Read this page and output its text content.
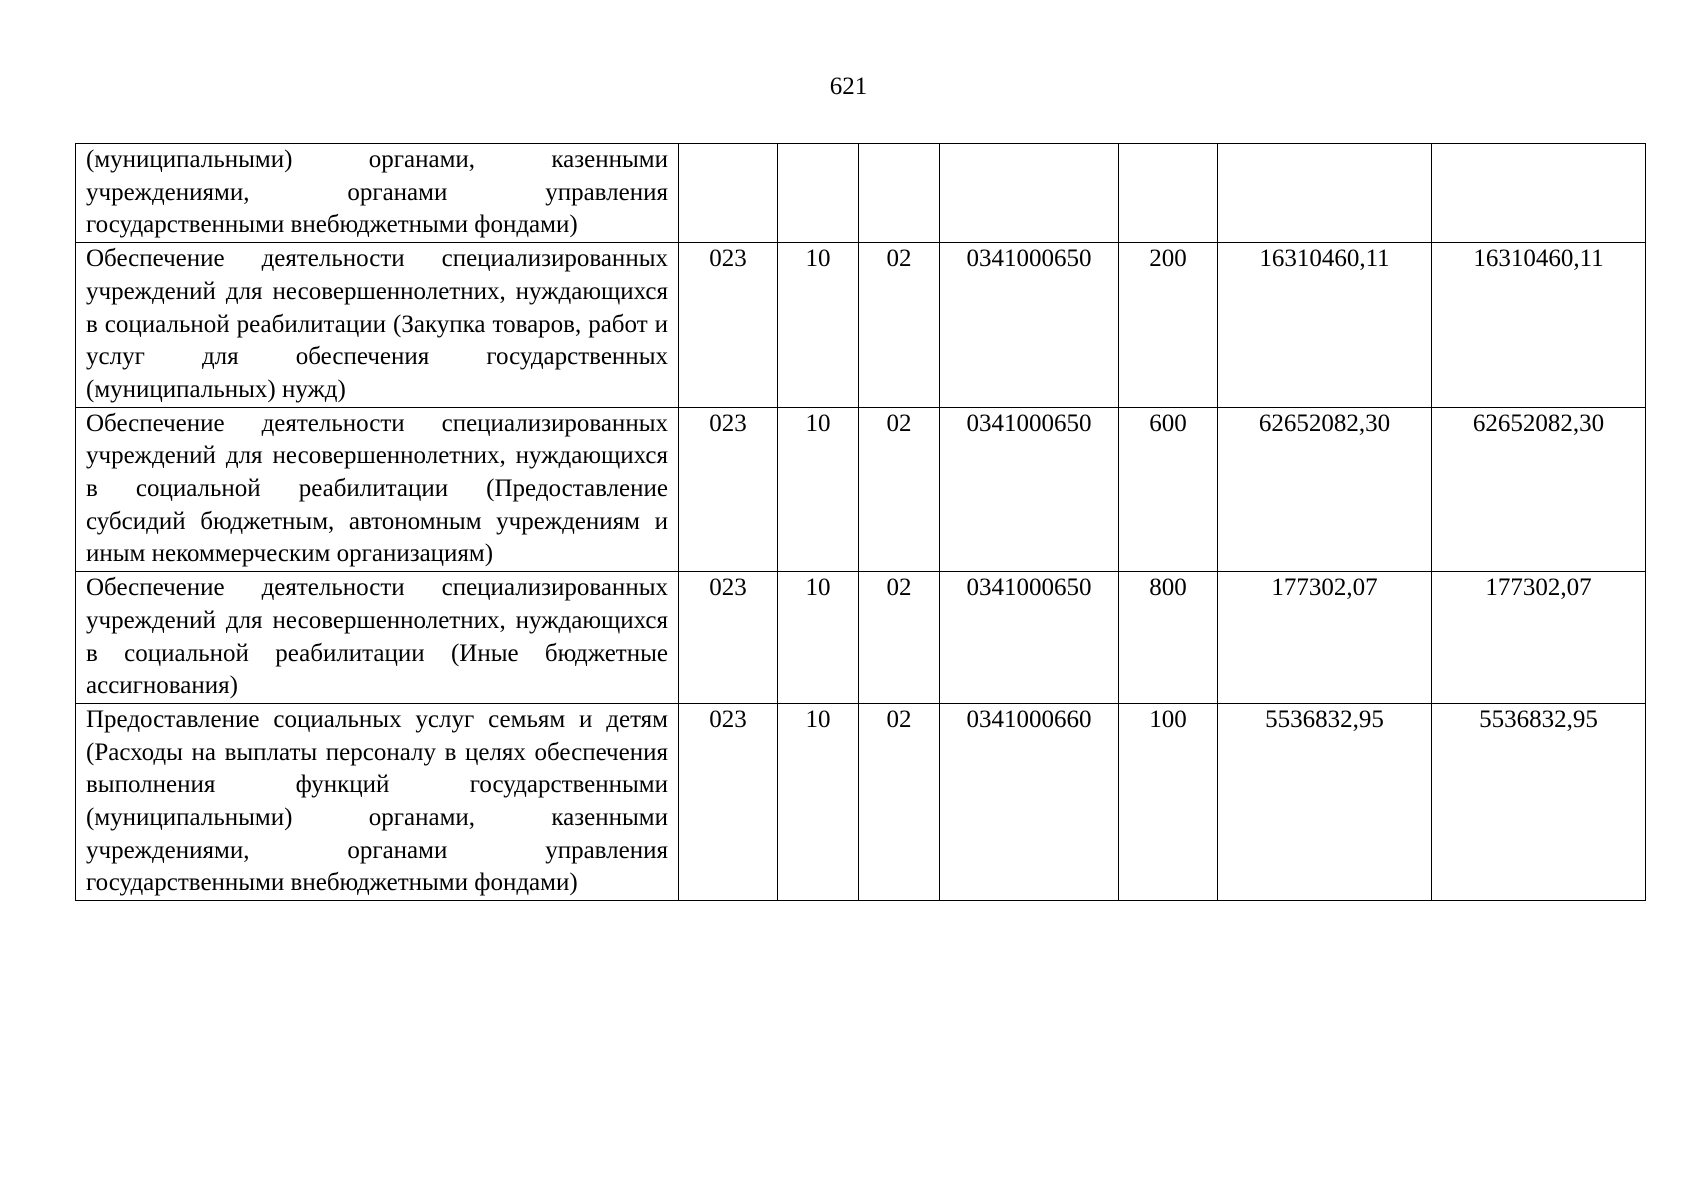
621
(муниципальными) органами, казенными учреждениями, органами управления государственными внебюджетными фондами)							
Обеспечение деятельности специализированных учреждений для несовершеннолетних, нуждающихся в социальной реабилитации (Закупка товаров, работ и услуг для обеспечения государственных (муниципальных) нужд)	023	10	02	0341000650	200	16310460,11	16310460,11
Обеспечение деятельности специализированных учреждений для несовершеннолетних, нуждающихся в социальной реабилитации (Предоставление субсидий бюджетным, автономным учреждениям и иным некоммерческим организациям)	023	10	02	0341000650	600	62652082,30	62652082,30
Обеспечение деятельности специализированных учреждений для несовершеннолетних, нуждающихся в социальной реабилитации (Иные бюджетные ассигнования)	023	10	02	0341000650	800	177302,07	177302,07
Предоставление социальных услуг семьям и детям (Расходы на выплаты персоналу в целях обеспечения выполнения функций государственными (муниципальными) органами, казенными учреждениями, органами управления государственными внебюджетными фондами)	023	10	02	0341000660	100	5536832,95	5536832,95
